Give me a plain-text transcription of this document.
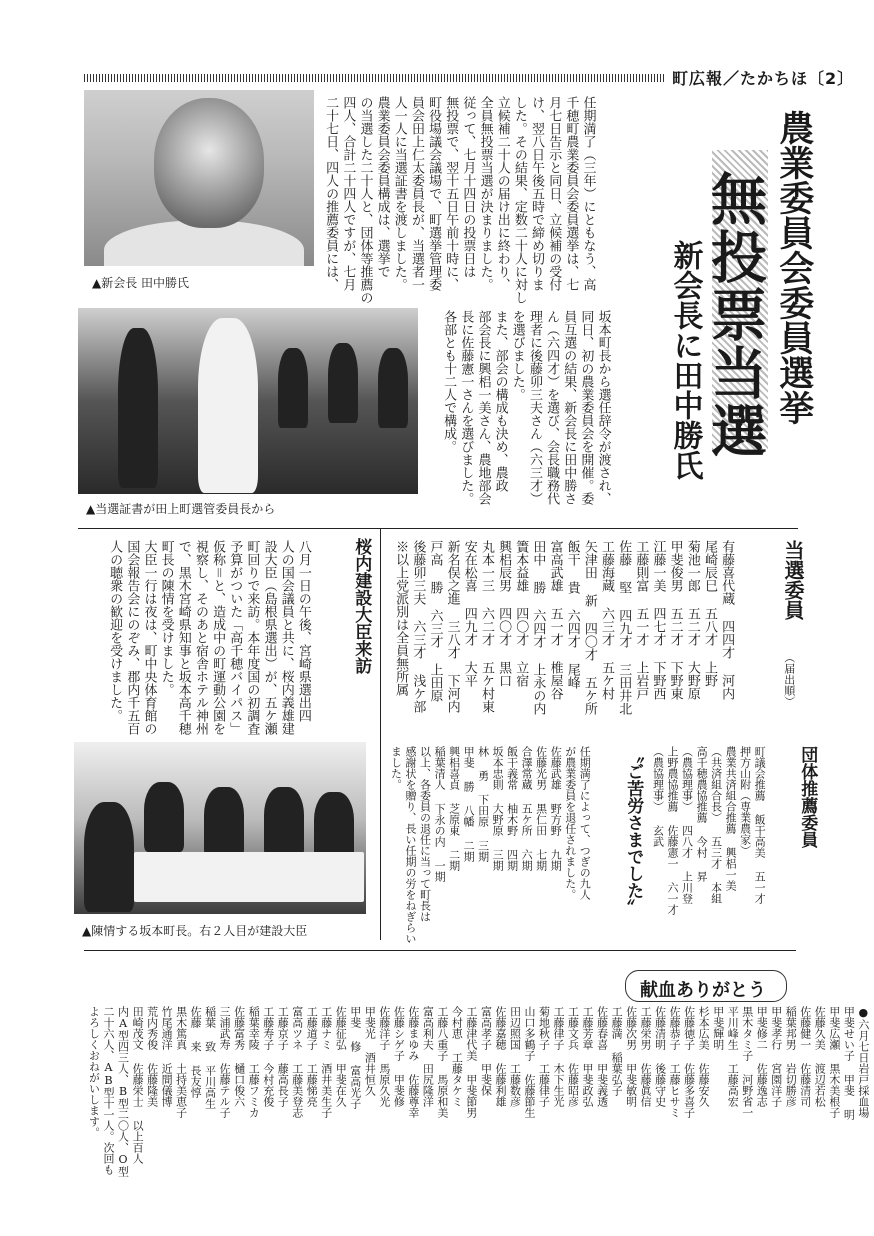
町広報／たかちほ〔2〕
▲新会長 田中勝氏
▲当選証書が田上町選管委員長から
▲陳情する坂本町長。右２人目が建設大臣
農業委員会委員選挙
無投票当選
新会長に田中勝氏
任期満了（三年）にともなう、高
千穂町農業委員会委員選挙は、七
月七日告示と同日、立候補の受付
け、翌八日午後五時で締め切りま
した。その結果、定数二十人に対し
立候補二十人の届け出に終わり、
全員無投票当選が決まりました。
従って、七月十四日の投票日は
無投票で、翌十五日午前十時に、
町役場議会議場で、町選挙管理委
員会田上仁太委員長が、当選者一
人一人に当選証書を渡しました。
農業委員会委員構成は、選挙で
の当選した二十人と、団体等推薦の
四人、合計二十四人ですが、七月
二十七日、四人の推薦委員には、
坂本町長から選任辞令が渡され、
同日、初の農業委員会を開催。委
員互選の結果、新会長に田中勝さ
ん（六四才）を選び、会長職務代
理者に後藤卯三夫さん（六三才）
を選びました。
また、部会の構成も決め、農政
部会長に興梠一美さん、農地部会
長に佐藤憲一さんを選びました。
各部とも十二人で構成。
当選委員
（届出順）
有藤喜代蔵 四四才 河内
尾崎辰巳 五八才 上野
菊池一郎 五二才 大野原
甲斐俊男 五二才 下野東
江藤一美 四七才 下野西
工藤則富 五一才 上岩戸
佐藤 堅 四九才 三田井北
工藤海蔵 六三才 五ケ村
矢津田 新 四〇才 五ケ所
飯干 貴 六四才 尾峰
富高武雄 五一才 椎屋谷
田中 勝 六四才 上永の内
簀本益雄 四〇才 立宿
興梠辰男 四〇才 黒口
丸本一三 六二才 五ケ村東
安在松喜 四九才 大平
新名俣之進 三八才 下河内
戸高 勝 六三才 上田原
後藤卯三夫 六三才 浅ケ部
※以上党派別は全員無所属
団体推薦委員
町議会推薦 飯干高美 五一才
押方山附（専業農家）
農業共済組合推薦 興梠一美
（共済組合長） 五三才 本組
高千穂農協推薦 今村 昇
（農協理事） 四八才 上川登
上野農協推薦 佐藤憲一 六一才
（農協理事） 玄武
〝ご苦労さまでした〟
任期満了によって、つぎの九人
が農業委員を退任されました。
佐藤武雄 野方野 九期
佐藤光男 黒仁田 七期
合澤常蔵 五ケ所 六期
飯干義常 柚木野 四期
坂本忠則 大野原 三期
林 勇 下田原 三期
甲斐 勝 八幡 二期
興梠喜貞 芝原東 二期
稲葉清人 下永の内 一期
以上、各委員の退任に当って町長は
感謝状を贈り、長い任期の労をねぎらい
ました。
桜内建設大臣来訪
八月一日の午後、宮崎県選出四
人の国会議員と共に、桜内義雄建
設大臣（島根県選出）が、五ケ瀬
町回りで来訪。本年度国の初調査
予算がついた「高千穂バイパス」
仮称＝と、造成中の町運動公園を
視察し、そのあと宿舎ホテル神州
で、黒木宮崎県知事と坂本高千穂
町長の陳情を受けました。
大臣一行は夜は、町中央体育館の
国会報告会にのぞみ、郡内千五百
人の聴衆の歓迎を受けました。
献血ありがとう
●六月七日岩戸採血場
甲斐せい子 甲斐 明
甲斐広瀬 黒木美根子
佐藤久美 渡辺若松
佐藤健一 佐藤清司
稲葉邦男 岩切勝彦
甲斐孝行 宮園洋子
甲斐修二 佐藤逸志
黒木タミ子 河野省一
平川峰生 工藤高宏
甲斐輝明
杉本広美 佐藤安久
佐藤徳子 佐藤多喜子
佐藤恭子 工藤ヒサミ
佐藤清明 後藤守史
工藤栄男 佐藤眞信
佐藤次男 甲斐敏明
工藤満 稲葉弘子
佐藤春喜 甲斐義透
工藤芳章 甲斐政弘
工藤文兵 佐藤昭彦
工藤律子 木下生光
菊地秋子 工藤律子
山口多鶴子 佐藤節生
田辺照国 工藤数彦
佐藤嘉穂 佐藤利雄
富高孝子 甲斐保
工藤津代美 甲斐節男
今村恵 工藤タケミ
工藤八重子 馬原和美
富高利夫 田尻隆洋
佐藤まゆみ 佐藤尊幸
佐藤シゲ子 甲斐修
佐藤洋子 馬原久光
甲斐光 酒井恒久
甲斐 修 富高光子
佐藤征弘 甲斐在久
工藤ナミ 酒井美生子
工藤道子 工藤悌亮
富高ツネ 工藤美登志
工藤京子 藤高長子
工藤寿子 今村充俊
稲葉幸陵 工藤フミカ
佐藤富秀 樋口俊六
三浦武寿 佐藤テル子
稲葉 致 平川高生
佐藤 来 長友惇
黒木篤真 土持美恵子
竹尾通洋 近間儀博
荒内秀俊 佐藤隆美
田崎茂文 佐藤栄士 以上百人
内A型四三人、B型二〇人、O型
二十六人、AB型十一人。次回も
よろしくおねがいします。
